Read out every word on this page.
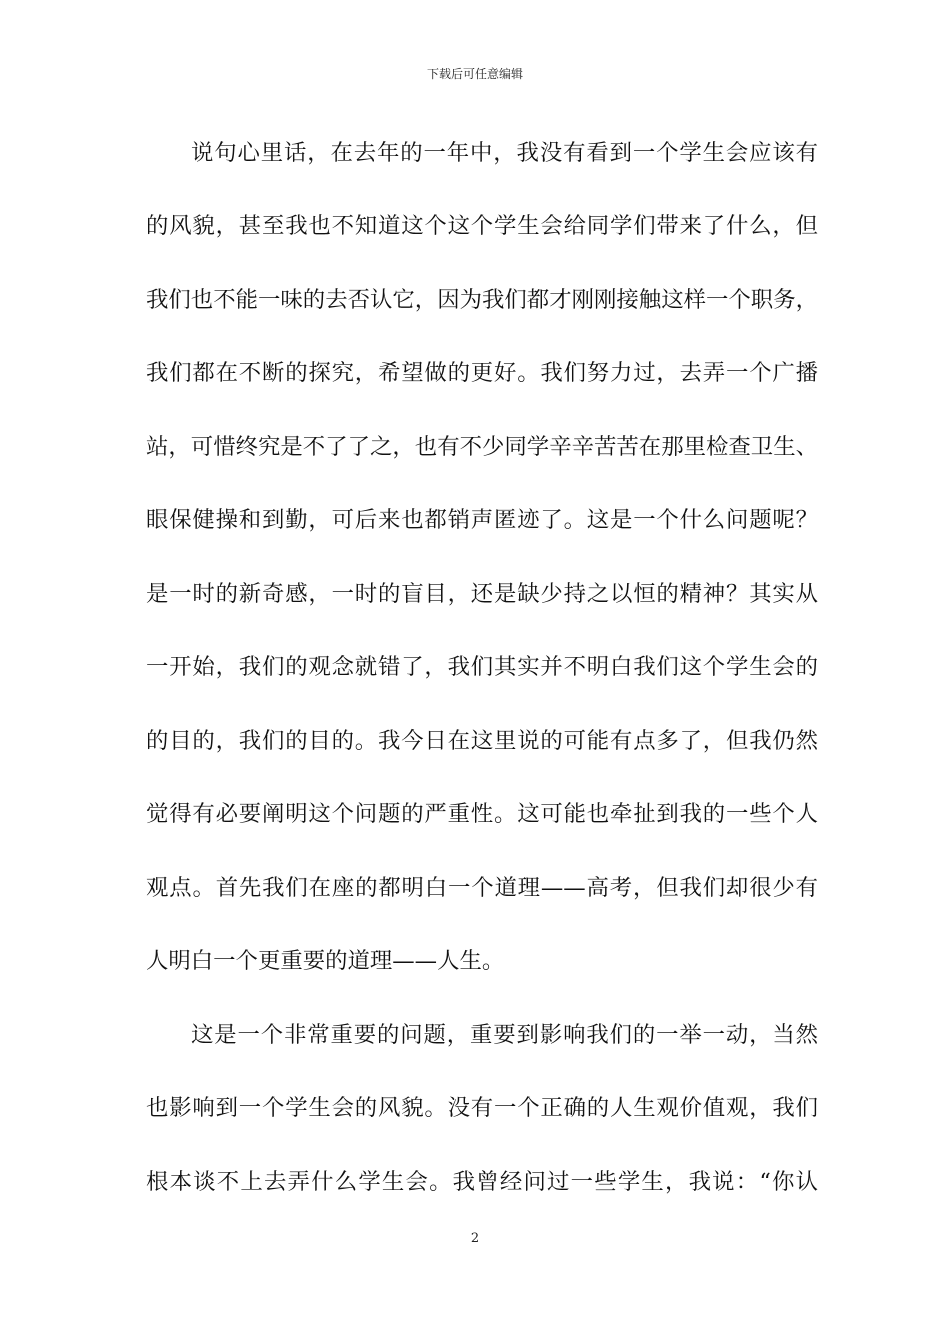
下载后可任意编辑
说句心里话，在去年的一年中，我没有看到一个学生会应该有
的风貌，甚至我也不知道这个这个学生会给同学们带来了什么，但
我们也不能一味的去否认它，因为我们都才刚刚接触这样一个职务，
我们都在不断的探究，希望做的更好。我们努力过，去弄一个广播
站，可惜终究是不了了之，也有不少同学辛辛苦苦在那里检查卫生、
眼保健操和到勤，可后来也都销声匿迹了。这是一个什么问题呢？
是一时的新奇感，一时的盲目，还是缺少持之以恒的精神？其实从
一开始，我们的观念就错了，我们其实并不明白我们这个学生会的
的目的，我们的目的。我今日在这里说的可能有点多了，但我仍然
觉得有必要阐明这个问题的严重性。这可能也牵扯到我的一些个人
观点。首先我们在座的都明白一个道理——高考，但我们却很少有
人明白一个更重要的道理——人生。
这是一个非常重要的问题，重要到影响我们的一举一动，当然
也影响到一个学生会的风貌。没有一个正确的人生观价值观，我们
根本谈不上去弄什么学生会。我曾经问过一些学生，我说：“你认
2
